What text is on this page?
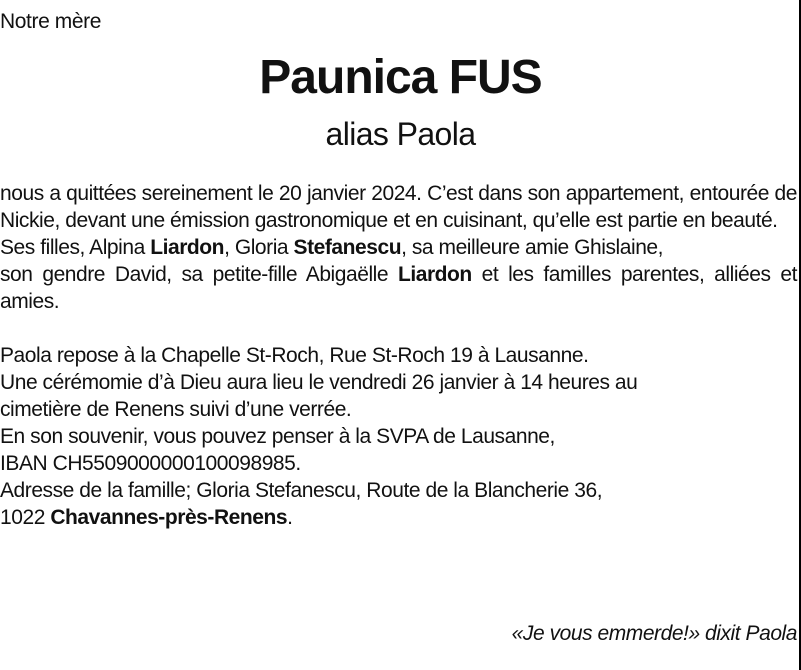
Notre mère
Paunica FUS
alias Paola

nous a quittées sereinement le 20 janvier 2024. C’est dans son appartement, entourée de Nickie, devant une émission gastronomique et en cuisinant, qu’elle est partie en beauté.

Ses filles, Alpina Liardon, Gloria Stefanescu, sa meilleure amie Ghislaine,
son gendre David, sa petite-fille Abigaëlle Liardon et les familles parentes, alliées et amies.

Paola repose à la Chapelle St-Roch, Rue St-Roch 19 à Lausanne.
Une cérémomie d’à Dieu aura lieu le vendredi 26 janvier à 14 heures au
cimetière de Renens suivi d’une verrée.
En son souvenir, vous pouvez penser à la SVPA de Lausanne,
IBAN CH5509000000100098985.
Adresse de la famille; Gloria Stefanescu, Route de la Blancherie 36,
1022 Chavannes-près-Renens.
«Je vous emmerde!» dixit Paola
